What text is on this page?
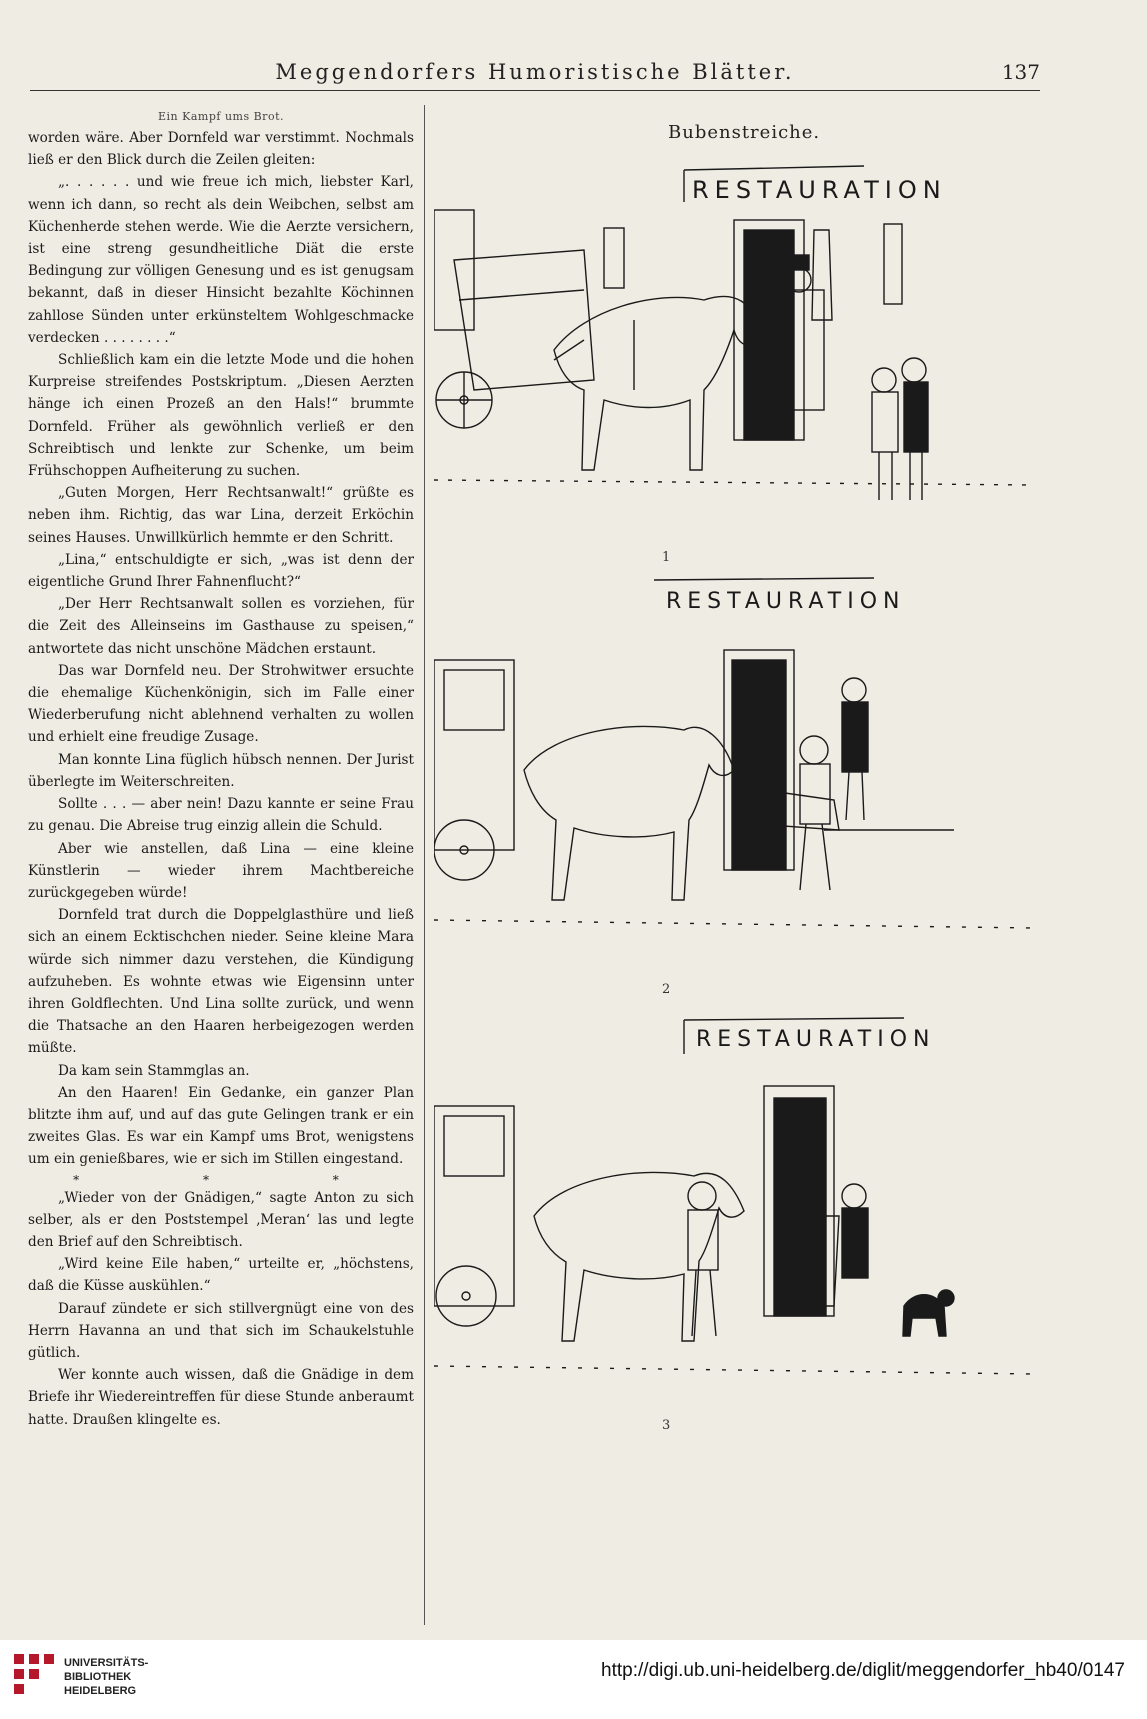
Meggendorfers Humoristische Blätter.	137
Ein Kampf ums Brot.

worden wäre. Aber Dornfeld war verstimmt. Nochmals ließ er den Blick durch die Zeilen gleiten:

„. . . . . . und wie freue ich mich, liebster Karl, wenn ich dann, so recht als dein Weibchen, selbst am Küchenherde stehen werde. Wie die Aerzte versichern, ist eine streng gesundheitliche Diät die erste Bedingung zur völligen Genesung und es ist genugsam bekannt, daß in dieser Hinsicht bezahlte Köchinnen zahllose Sünden unter erkünsteltem Wohlgeschmacke verdecken . . . . . . . .“

Schließlich kam ein die letzte Mode und die hohen Kurpreise streifendes Postskriptum. „Diesen Aerzten hänge ich einen Prozeß an den Hals!“ brummte Dornfeld. Früher als gewöhnlich verließ er den Schreibtisch und lenkte zur Schenke, um beim Frühschoppen Aufheiterung zu suchen.

„Guten Morgen, Herr Rechtsanwalt!“ grüßte es neben ihm. Richtig, das war Lina, derzeit Erköchin seines Hauses. Unwillkürlich hemmte er den Schritt.

„Lina,“ entschuldigte er sich, „was ist denn der eigentliche Grund Ihrer Fahnenflucht?“

„Der Herr Rechtsanwalt sollen es vorziehen, für die Zeit des Alleinseins im Gasthause zu speisen,“ antwortete das nicht unschöne Mädchen erstaunt.

Das war Dornfeld neu. Der Strohwitwer ersuchte die ehemalige Küchenkönigin, sich im Falle einer Wiederberufung nicht ablehnend verhalten zu wollen und erhielt eine freudige Zusage.

Man konnte Lina füglich hübsch nennen. Der Jurist überlegte im Weiterschreiten.

Sollte . . . — aber nein! Dazu kannte er seine Frau zu genau. Die Abreise trug einzig allein die Schuld.

Aber wie anstellen, daß Lina — eine kleine Künstlerin — wieder ihrem Machtbereiche zurückgegeben würde!

Dornfeld trat durch die Doppelglasthüre und ließ sich an einem Ecktischchen nieder. Seine kleine Mara würde sich nimmer dazu verstehen, die Kündigung aufzuheben. Es wohnte etwas wie Eigensinn unter ihren Goldflechten. Und Lina sollte zurück, und wenn die Thatsache an den Haaren herbeigezogen werden müßte.

Da kam sein Stammglas an.

An den Haaren! Ein Gedanke, ein ganzer Plan blitzte ihm auf, und auf das gute Gelingen trank er ein zweites Glas. Es war ein Kampf ums Brot, wenigstens um ein genießbares, wie er sich im Stillen eingestand.

* * *

„Wieder von der Gnädigen,“ sagte Anton zu sich selber, als er den Poststempel ‚Meran‘ las und legte den Brief auf den Schreibtisch.

„Wird keine Eile haben,“ urteilte er, „höchstens, daß die Küsse auskühlen.“

Darauf zündete er sich stillvergnügt eine von des Herrn Havanna an und that sich im Schaukelstuhle gütlich.

Wer konnte auch wissen, daß die Gnädige in dem Briefe ihr Wiedereintreffen für diese Stunde anberaumt hatte. Draußen klingelte es.

Bubenstreiche.
RESTAURATION
1
RESTAURATION
2
RESTAURATION
3
UNIVERSITÄTS-
BIBLIOTHEK
HEIDELBERG
http://digi.ub.uni-heidelberg.de/diglit/meggendorfer_hb40/0147
